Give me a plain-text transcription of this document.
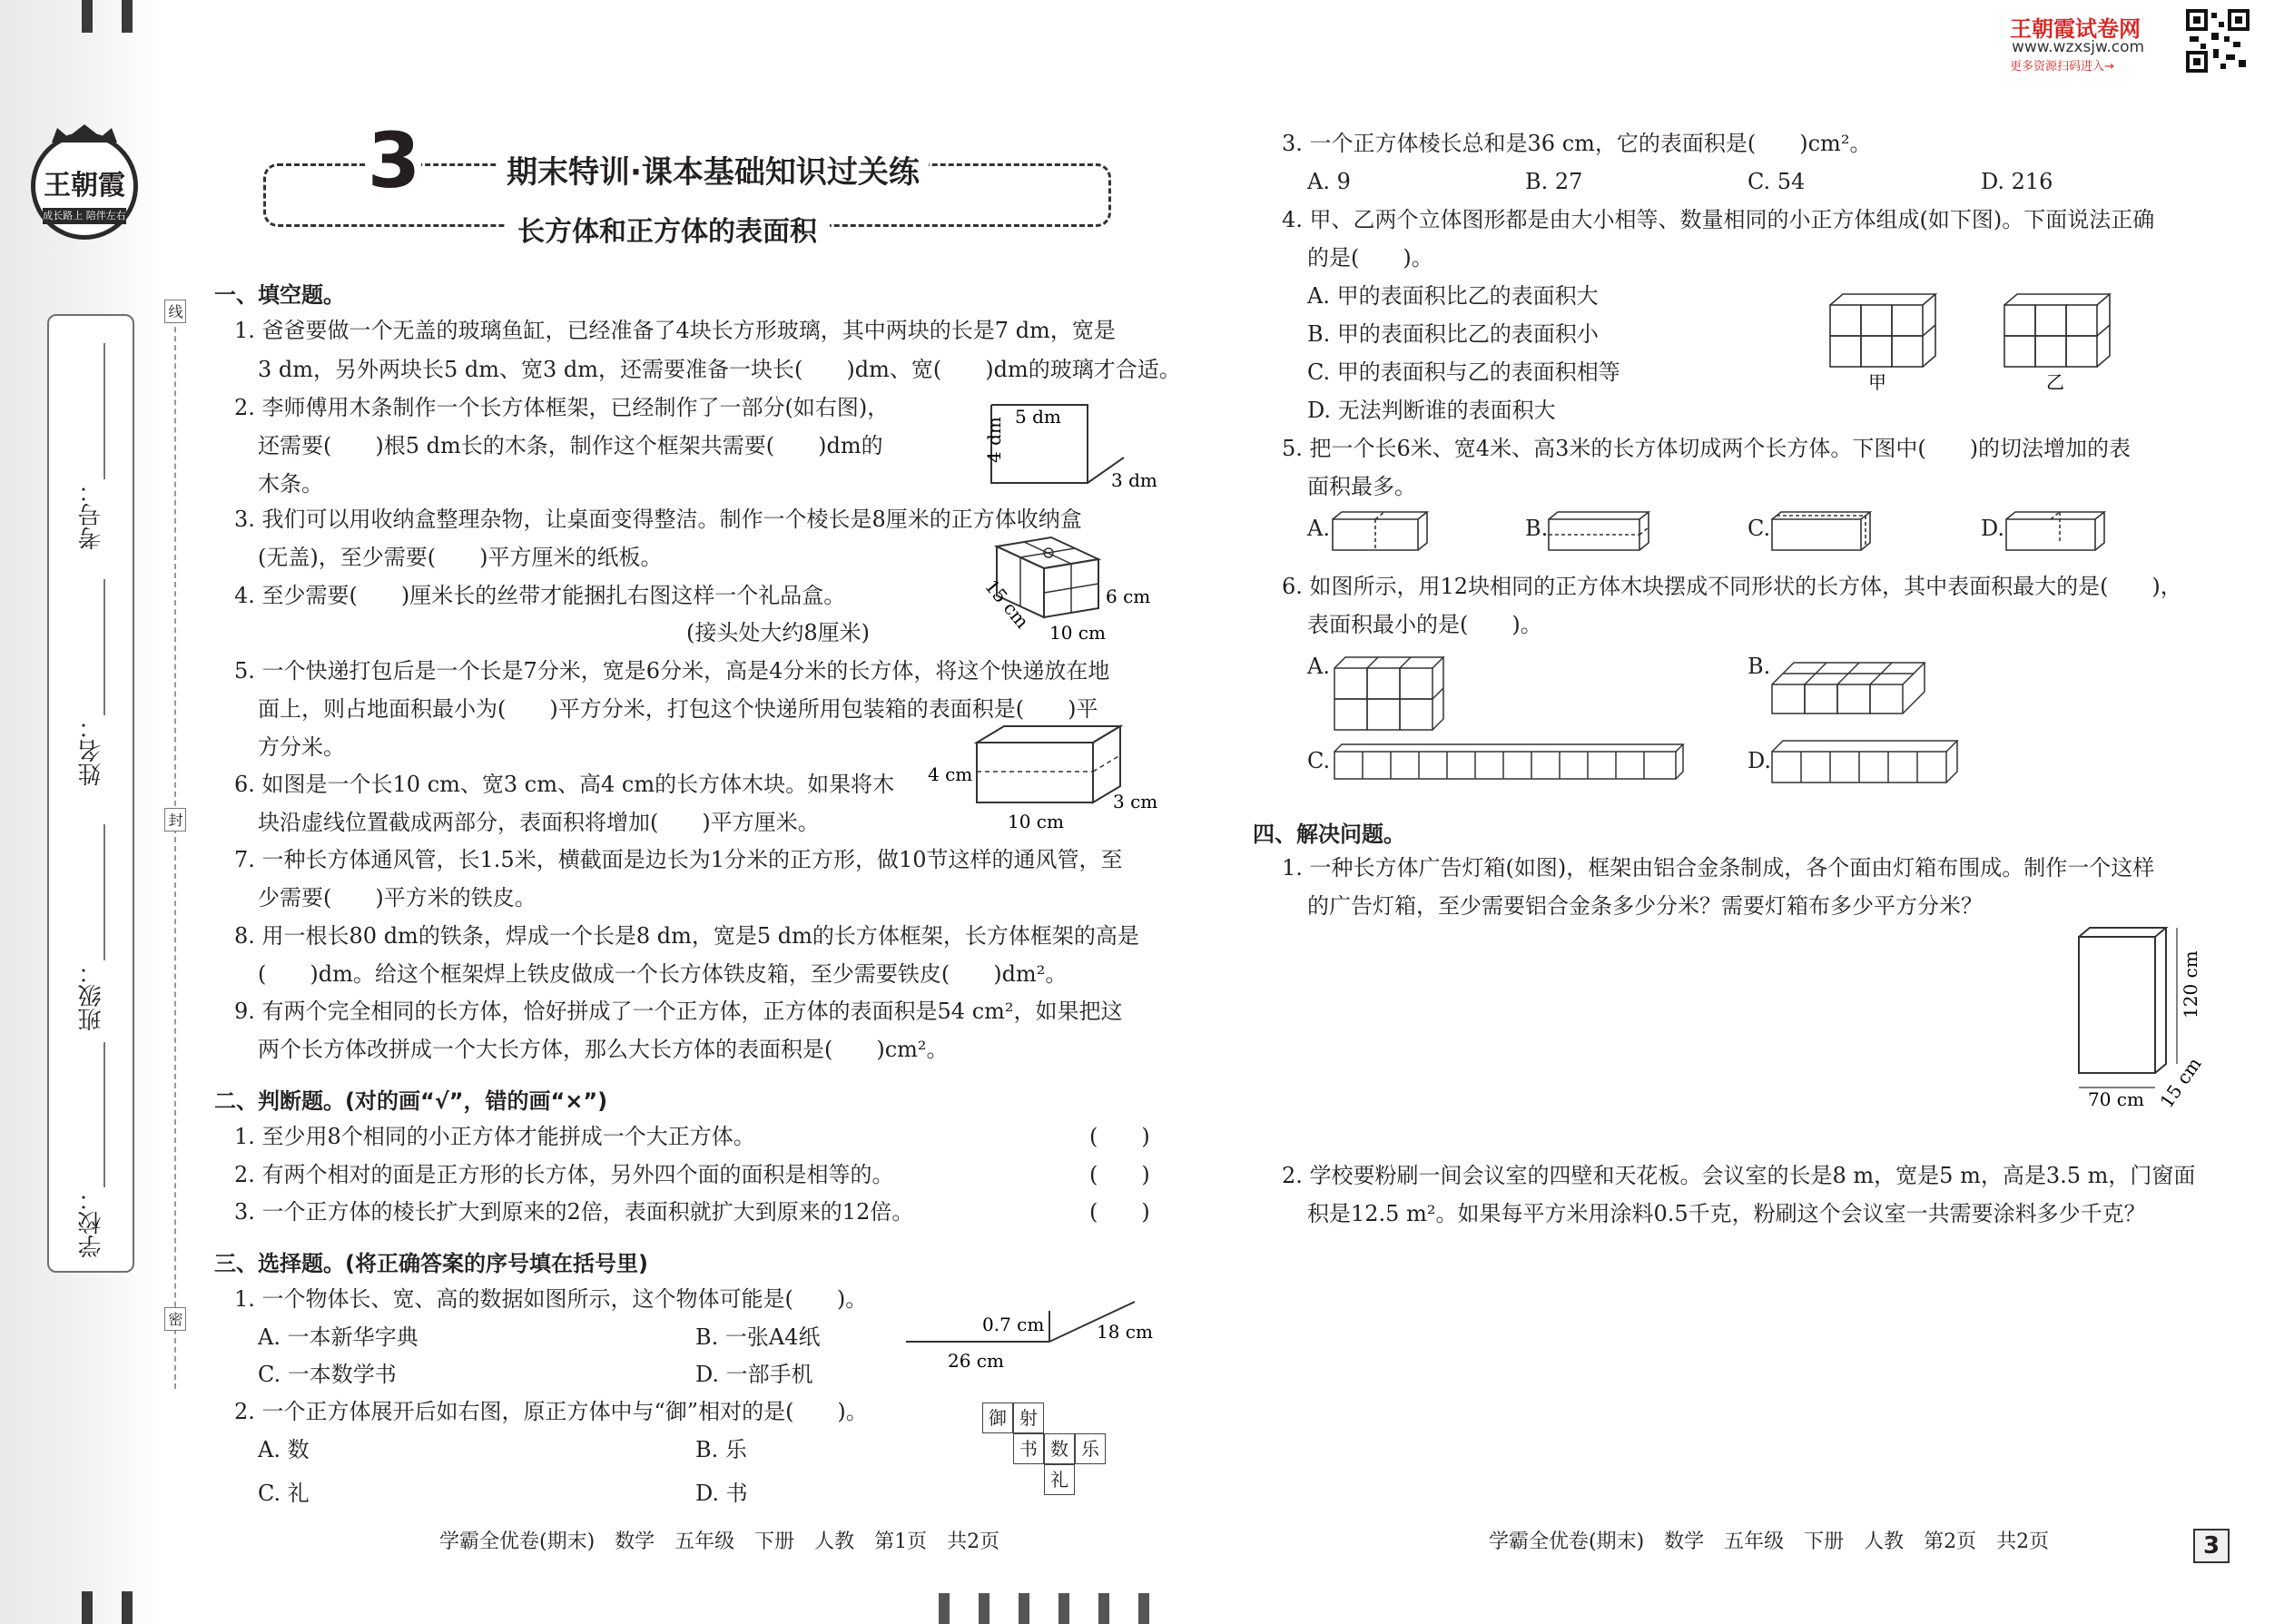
王朝霞
成长路上 陪伴左右
考号：
姓名：
班级：
学校：
线
封
密
3	期末特训·课本基础知识过关练
长方体和正方体的表面积
王朝霞试卷网
www.wzxsjw.com
更多资源扫码进入→
一、填空题。
1. 爸爸要做一个无盖的玻璃鱼缸，已经准备了4块长方形玻璃，其中两块的长是7 dm，宽是
3 dm，另外两块长5 dm、宽3 dm，还需要准备一块长(　　)dm、宽(　　)dm的玻璃才合适。
2. 李师傅用木条制作一个长方体框架，已经制作了一部分(如右图)，
还需要(　　)根5 dm长的木条，制作这个框架共需要(　　)dm的
木条。
5 dm
4 dm
3 dm
3. 我们可以用收纳盒整理杂物，让桌面变得整洁。制作一个棱长是8厘米的正方体收纳盒
(无盖)，至少需要(　　)平方厘米的纸板。
4. 至少需要(　　)厘米长的丝带才能捆扎右图这样一个礼品盒。
(接头处大约8厘米)
15 cm	6 cm
10 cm
5. 一个快递打包后是一个长是7分米，宽是6分米，高是4分米的长方体，将这个快递放在地
面上，则占地面积最小为(　　)平方分米，打包这个快递所用包装箱的表面积是(　　)平
方分米。
6. 如图是一个长10 cm、宽3 cm、高4 cm的长方体木块。如果将木
块沿虚线位置截成两部分，表面积将增加(　　)平方厘米。
4 cm
10 cm
3 cm
7. 一种长方体通风管，长1.5米，横截面是边长为1分米的正方形，做10节这样的通风管，至
少需要(　　)平方米的铁皮。
8. 用一根长80 dm的铁条，焊成一个长是8 dm，宽是5 dm的长方体框架，长方体框架的高是
(　　)dm。给这个框架焊上铁皮做成一个长方体铁皮箱，至少需要铁皮(　　)dm²。
9. 有两个完全相同的长方体，恰好拼成了一个正方体，正方体的表面积是54 cm²，如果把这
两个长方体改拼成一个大长方体，那么大长方体的表面积是(　　)cm²。
二、判断题。(对的画“√”，错的画“×”)
1. 至少用8个相同的小正方体才能拼成一个大正方体。	(　　)
2. 有两个相对的面是正方形的长方体，另外四个面的面积是相等的。	(　　)
3. 一个正方体的棱长扩大到原来的2倍，表面积就扩大到原来的12倍。	(　　)
三、选择题。(将正确答案的序号填在括号里)
1. 一个物体长、宽、高的数据如图所示，这个物体可能是(　　)。
A. 一本新华字典	B. 一张A4纸
C. 一本数学书	D. 一部手机
0.7 cm	18 cm
26 cm
2. 一个正方体展开后如右图，原正方体中与“御”相对的是(　　)。
A. 数	B. 乐
C. 礼	D. 书
御 射
书 数 乐
礼
学霸全优卷(期末)　数学　五年级　下册　人教　第1页　共2页
3. 一个正方体棱长总和是36 cm，它的表面积是(　　)cm²。
A. 9	B. 27	C. 54	D. 216
4. 甲、乙两个立体图形都是由大小相等、数量相同的小正方体组成(如下图)。下面说法正确
的是(　　)。
A. 甲的表面积比乙的表面积大
B. 甲的表面积比乙的表面积小
C. 甲的表面积与乙的表面积相等
D. 无法判断谁的表面积大
甲	乙
5. 把一个长6米、宽4米、高3米的长方体切成两个长方体。下图中(　　)的切法增加的表
面积最多。
A.	B.	C.	D.
6. 如图所示，用12块相同的正方体木块摆成不同形状的长方体，其中表面积最大的是(　　)，
表面积最小的是(　　)。
A.	B.
C.	D.
四、解决问题。
1. 一种长方体广告灯箱(如图)，框架由铝合金条制成，各个面由灯箱布围成。制作一个这样
的广告灯箱，至少需要铝合金条多少分米？需要灯箱布多少平方分米？
70 cm
120 cm
15 cm
2. 学校要粉刷一间会议室的四壁和天花板。会议室的长是8 m，宽是5 m，高是3.5 m，门窗面
积是12.5 m²。如果每平方米用涂料0.5千克，粉刷这个会议室一共需要涂料多少千克？
学霸全优卷(期末)　数学　五年级　下册　人教　第2页　共2页	3
